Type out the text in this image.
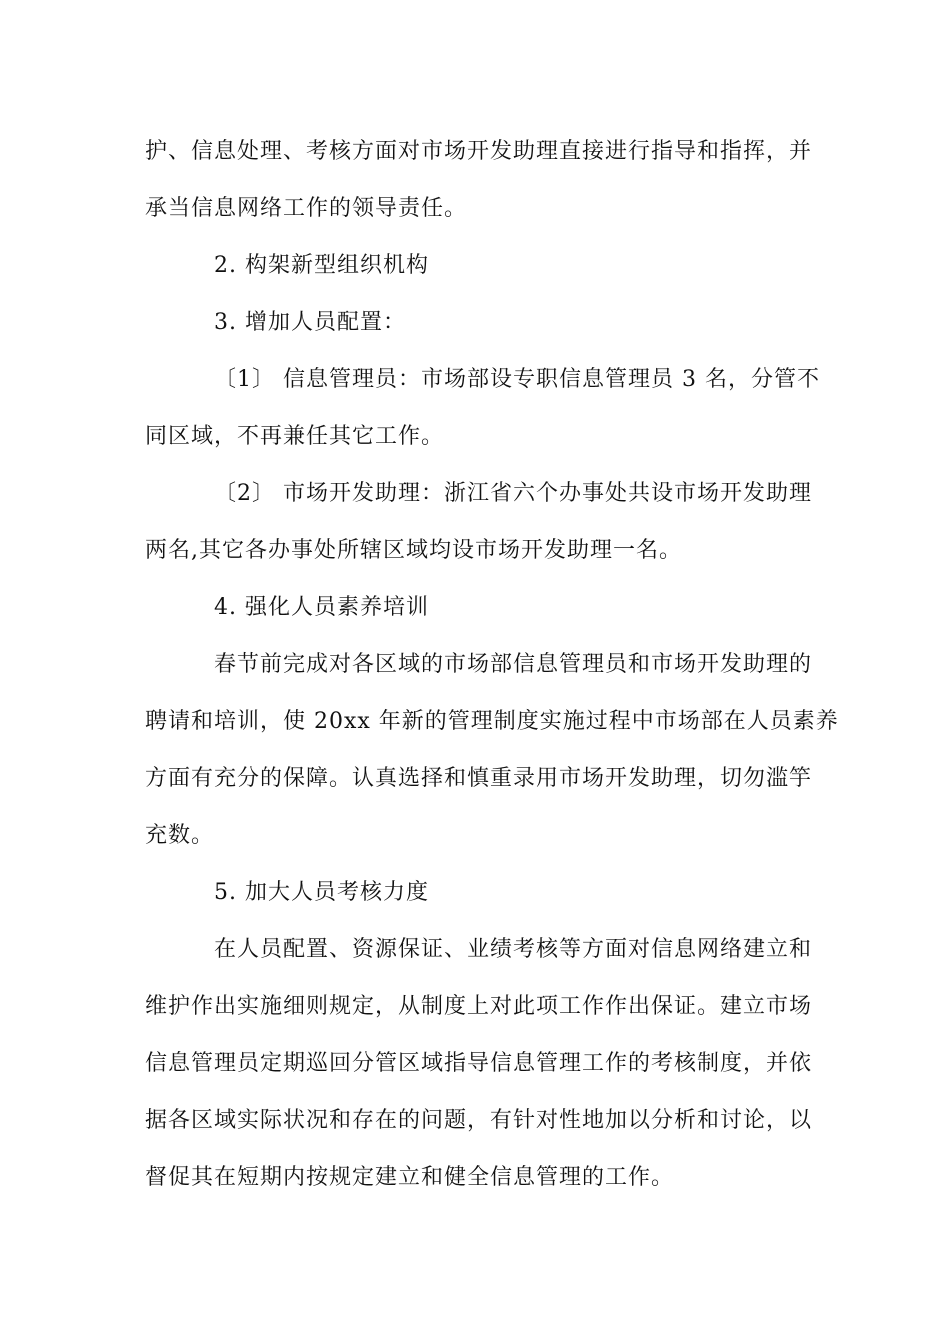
护、信息处理、考核方面对市场开发助理直接进行指导和指挥，并
承当信息网络工作的领导责任。
2. 构架新型组织机构
3. 增加人员配置：
〔1〕 信息管理员：市场部设专职信息管理员 3 名，分管不
同区域，不再兼任其它工作。
〔2〕 市场开发助理：浙江省六个办事处共设市场开发助理
两名,其它各办事处所辖区域均设市场开发助理一名。
4. 强化人员素养培训
春节前完成对各区域的市场部信息管理员和市场开发助理的
聘请和培训，使 20xx 年新的管理制度实施过程中市场部在人员素养
方面有充分的保障。认真选择和慎重录用市场开发助理，切勿滥竽
充数。
5. 加大人员考核力度
在人员配置、资源保证、业绩考核等方面对信息网络建立和
维护作出实施细则规定，从制度上对此项工作作出保证。建立市场
信息管理员定期巡回分管区域指导信息管理工作的考核制度，并依
据各区域实际状况和存在的问题，有针对性地加以分析和讨论，以
督促其在短期内按规定建立和健全信息管理的工作。
